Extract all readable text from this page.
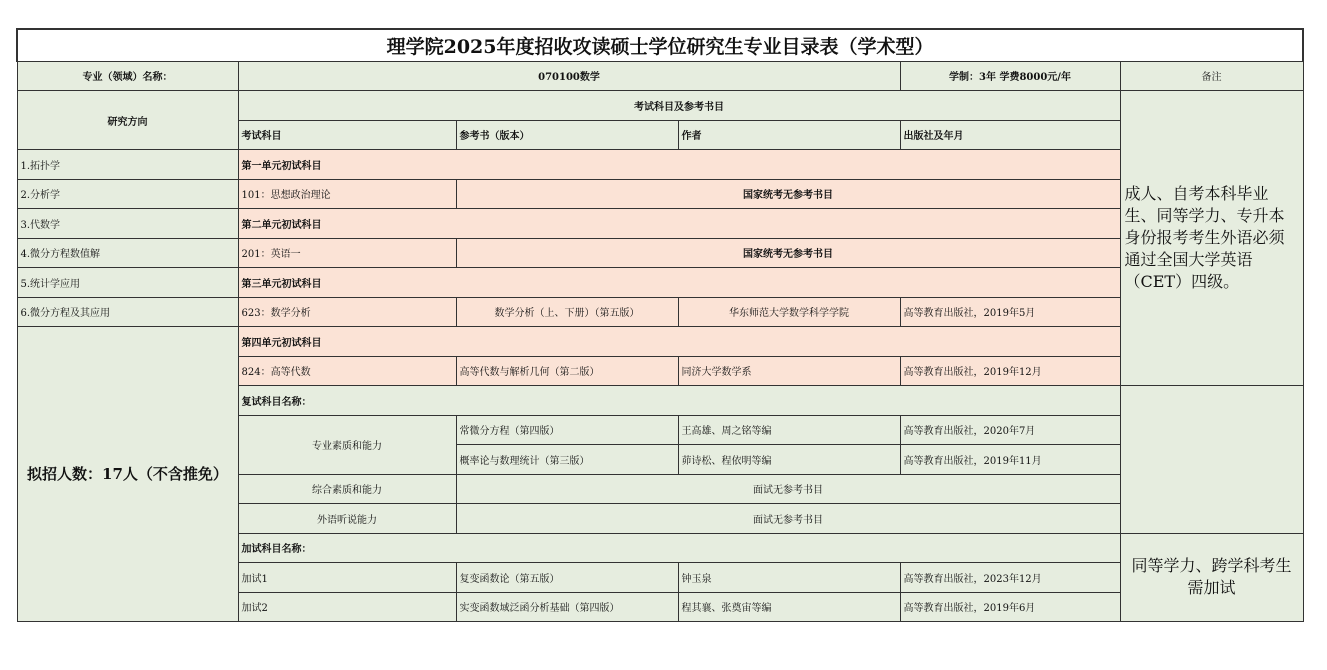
理学院2025年度招收攻读硕士学位研究生专业目录表（学术型）					
专业（领域）名称：	070100数学			学制：3年 学费8000元/年	备注
研究方向	考试科目及参考书目				成人、自考本科毕业生、同等学力、专升本身份报考考生外语必须通过全国大学英语（CET）四级。
	考试科目	参考书（版本）	作者	出版社及年月	
1.拓扑学	第一单元初试科目				
2.分析学	101：思想政治理论	国家统考无参考书目			
3.代数学	第二单元初试科目				
4.微分方程数值解	201：英语一	国家统考无参考书目			
5.统计学应用	第三单元初试科目				
6.微分方程及其应用	623：数学分析	数学分析（上、下册）（第五版）	华东师范大学数学科学学院	高等教育出版社，2019年5月	
拟招人数：17人（不含推免）	第四单元初试科目				
	824：高等代数	高等代数与解析几何（第二版）	同济大学数学系	高等教育出版社，2019年12月	
	复试科目名称：				
	专业素质和能力	常微分方程（第四版）	王高雄、周之铭等编	高等教育出版社，2020年7月	
		概率论与数理统计（第三版）	茆诗松、程依明等编	高等教育出版社，2019年11月	
	综合素质和能力	面试无参考书目			
	外语听说能力	面试无参考书目			
	加试科目名称：				同等学力、跨学科考生需加试
	加试1	复变函数论（第五版）	钟玉泉	高等教育出版社，2023年12月	
	加试2	实变函数域泛函分析基础（第四版）	程其襄、张奠宙等编	高等教育出版社，2019年6月	
